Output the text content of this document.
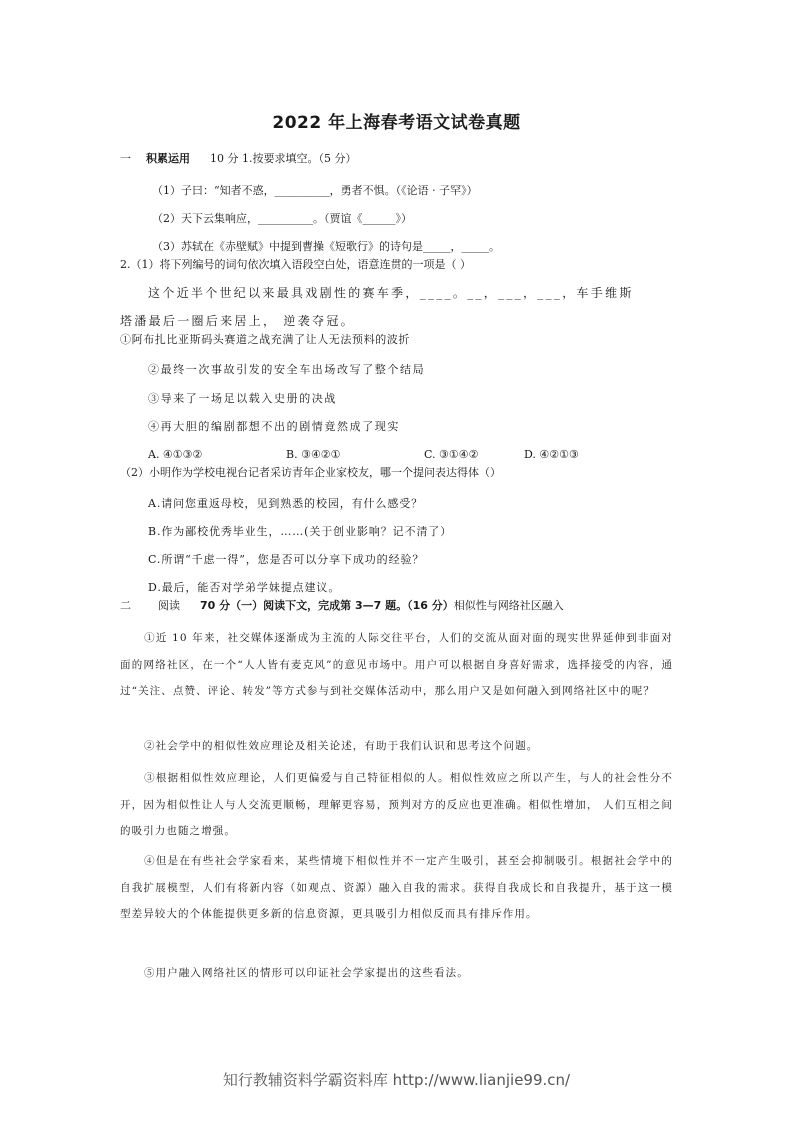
2022 年上海春考语文试卷真题
一 积累运用 10 分 1.按要求填空。（5 分）
（1）子曰：“知者不惑，__________，勇者不惧。（《论语 · 子罕》）
（2）天下云集响应，__________。（贾谊《______》）
（3）苏轼在《赤壁赋》中提到曹操《短歌行》的诗句是_____，_____。
2.（1）将下列编号的词句依次填入语段空白处，语意连贯的一项是（ ）
这个近半个世纪以来最具戏剧性的赛车季，____。__，___，___，车手维斯
塔潘最后一圈后来居上， 逆袭夺冠。
①阿布扎比亚斯码头赛道之战充满了让人无法预料的波折
②最终一次事故引发的安全车出场改写了整个结局
③导来了一场足以载入史册的决战
④再大胆的编剧都想不出的剧情竟然成了现实
A. ④①③②	B. ③④②①	C. ③①④②	D. ④②①③
（2）小明作为学校电视台记者采访青年企业家校友，哪一个提问表达得体（）
A.请问您重返母校，见到熟悉的校园，有什么感受？
B.作为鄙校优秀毕业生，……(关于创业影响？记不清了）
C.所谓“千虑一得”，您是否可以分享下成功的经验？
D.最后，能否对学弟学妹提点建议。
二 阅读 70 分（一）阅读下文，完成第 3—7 题。（16 分）相似性与网络社区融入
①近 10 年来，社交媒体逐渐成为主流的人际交往平台，人们的交流从面对面的现实世界延伸到非面对面的网络社区，在一个“人人皆有麦克风”的意见市场中。用户可以根据自身喜好需求，选择接受的内容，通过“关注、点赞、评论、转发”等方式参与到社交媒体活动中，那么用户又是如何融入到网络社区中的呢？
②社会学中的相似性效应理论及相关论述，有助于我们认识和思考这个问题。
③根据相似性效应理论，人们更偏爱与自己特征相似的人。相似性效应之所以产生，与人的社会性分不开，因为相似性让人与人交流更顺畅，理解更容易，预判对方的反应也更准确。相似性增加， 人们互相之间的吸引力也随之增强。
④但是在有些社会学家看来，某些情境下相似性并不一定产生吸引，甚至会抑制吸引。根据社会学中的自我扩展模型，人们有将新内容（如观点、资源）融入自我的需求。获得自我成长和自我提升，基于这一模型差异较大的个体能提供更多新的信息资源，更具吸引力相似反而具有排斥作用。
⑤用户融入网络社区的情形可以印证社会学家提出的这些看法。
知行教辅资料学霸资料库 http://www.lianjie99.cn/
